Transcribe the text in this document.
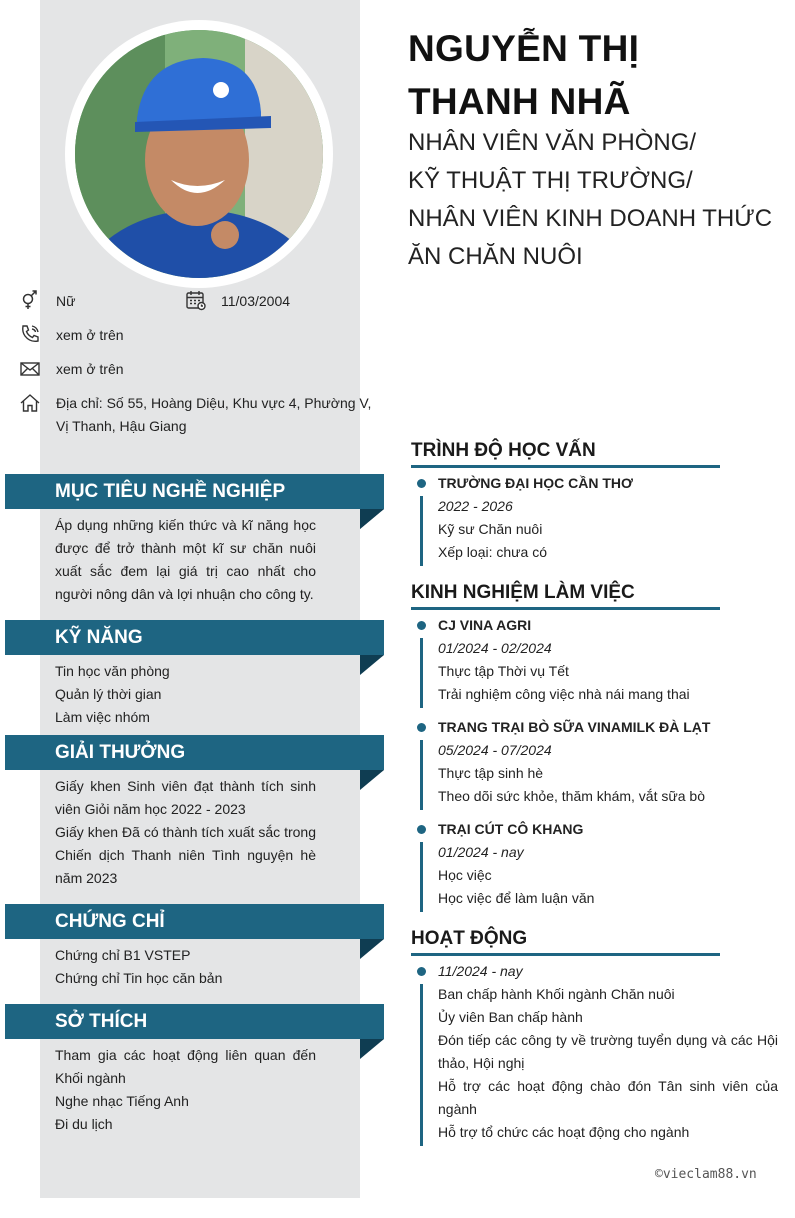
Nữ	11/03/2004
xem ở trên
xem ở trên
Địa chỉ: Số 55, Hoàng Diệu, Khu vực 4, Phường V, Vị Thanh, Hậu Giang
MỤC TIÊU NGHỀ NGHIỆP

Áp dụng những kiến thức và kĩ năng học được để trở thành một kĩ sư chăn nuôi xuất sắc đem lại giá trị cao nhất cho người nông dân và lợi nhuận cho công ty.

KỸ NĂNG

Tin học văn phòng

Quản lý thời gian

Làm việc nhóm

GIẢI THƯỞNG

Giấy khen Sinh viên đạt thành tích sinh viên Giỏi năm học 2022 - 2023

Giấy khen Đã có thành tích xuất sắc trong Chiến dịch Thanh niên Tình nguyện hè năm 2023

CHỨNG CHỈ

Chứng chỉ B1 VSTEP

Chứng chỉ Tin học căn bản

SỞ THÍCH

Tham gia các hoạt động liên quan đến Khối ngành

Nghe nhạc Tiếng Anh

Đi du lịch

NGUYỄN THỊ
THANH NHÃ
NHÂN VIÊN VĂN PHÒNG/
KỸ THUẬT THỊ TRƯỜNG/
NHÂN VIÊN KINH DOANH THỨC
ĂN CHĂN NUÔI
TRÌNH ĐỘ HỌC VẤN
TRƯỜNG ĐẠI HỌC CẦN THƠ
2022 - 2026
Kỹ sư Chăn nuôi
Xếp loại: chưa có
KINH NGHIỆM LÀM VIỆC
CJ VINA AGRI
01/2024 - 02/2024
Thực tập Thời vụ Tết
Trải nghiệm công việc nhà nái mang thai
TRANG TRẠI BÒ SỮA VINAMILK ĐÀ LẠT
05/2024 - 07/2024
Thực tập sinh hè
Theo dõi sức khỏe, thăm khám, vắt sữa bò
TRẠI CÚT CÔ KHANG
01/2024 - nay
Học việc
Học việc để làm luận văn
HOẠT ĐỘNG
11/2024 - nay
Ban chấp hành Khối ngành Chăn nuôi
Ủy viên Ban chấp hành
Đón tiếp các công ty về trường tuyển dụng và các Hội thảo, Hội nghị
Hỗ trợ các hoạt động chào đón Tân sinh viên của ngành
Hỗ trợ tổ chức các hoạt động cho ngành
©vieclam88.vn
